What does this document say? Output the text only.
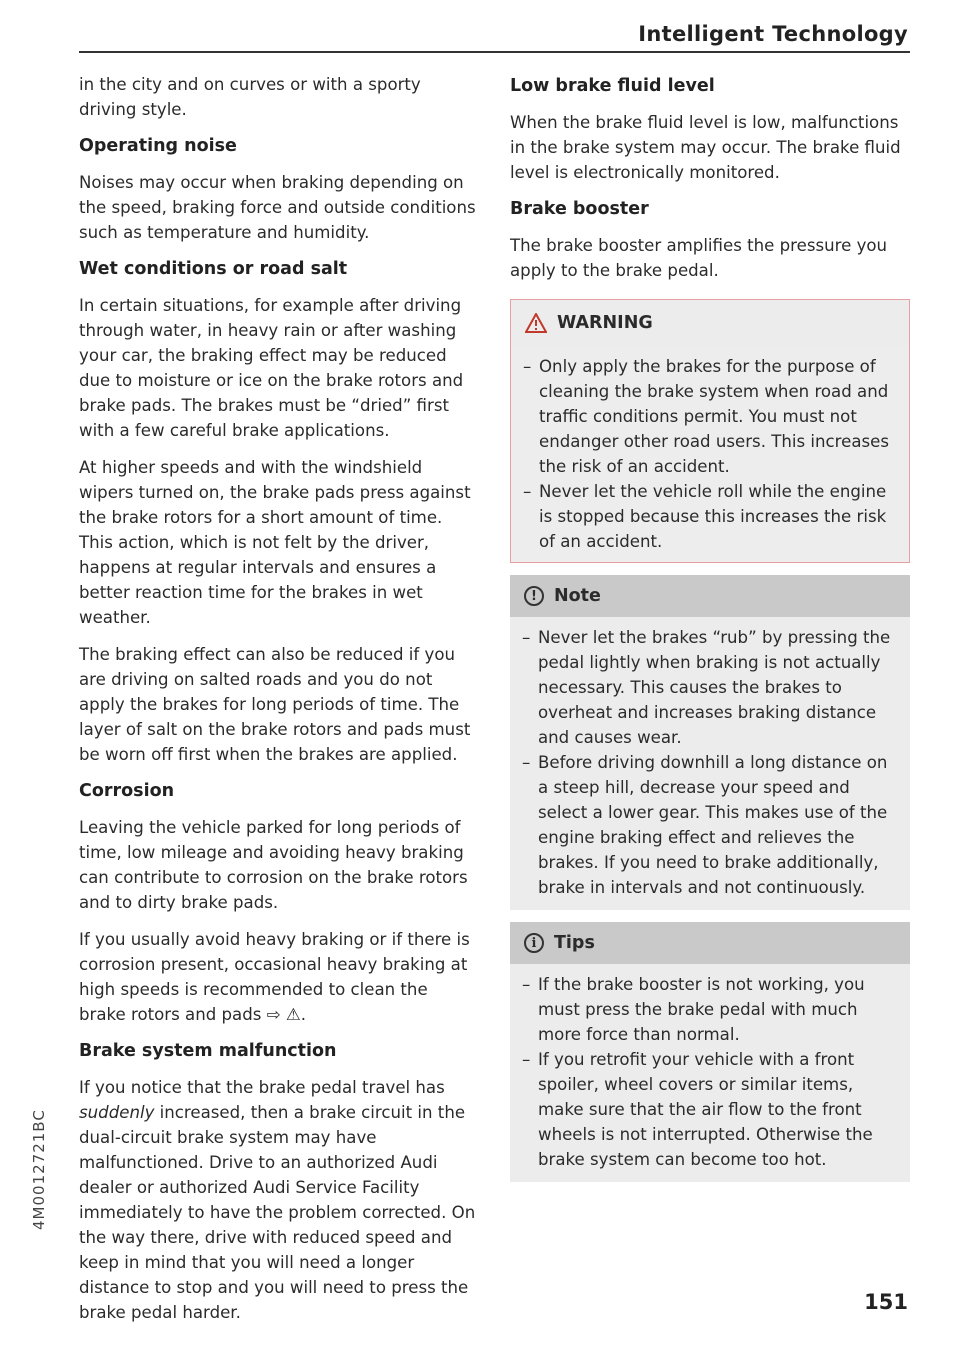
Intelligent Technology

in the city and on curves or with a sporty driving style.

Operating noise

Noises may occur when braking depending on the speed, braking force and outside conditions such as temperature and humidity.

Wet conditions or road salt

In certain situations, for example after driving through water, in heavy rain or after washing your car, the braking effect may be reduced due to moisture or ice on the brake rotors and brake pads. The brakes must be “dried” first with a few careful brake applications.

At higher speeds and with the windshield wipers turned on, the brake pads press against the brake rotors for a short amount of time. This action, which is not felt by the driver, happens at regular intervals and ensures a better reaction time for the brakes in wet weather.

The braking effect can also be reduced if you are driving on salted roads and you do not apply the brakes for long periods of time. The layer of salt on the brake rotors and pads must be worn off first when the brakes are applied.

Corrosion

Leaving the vehicle parked for long periods of time, low mileage and avoiding heavy braking can contribute to corrosion on the brake rotors and to dirty brake pads.

If you usually avoid heavy braking or if there is corrosion present, occasional heavy braking at high speeds is recommended to clean the brake rotors and pads ⇨ ⚠.

Brake system malfunction

If you notice that the brake pedal travel has suddenly increased, then a brake circuit in the dual-circuit brake system may have malfunctioned. Drive to an authorized Audi dealer or authorized Audi Service Facility immediately to have the problem corrected. On the way there, drive with reduced speed and keep in mind that you will need a longer distance to stop and you will need to press the brake pedal harder.

Low brake fluid level

When the brake fluid level is low, malfunctions in the brake system may occur. The brake fluid level is electronically monitored.

Brake booster

The brake booster amplifies the pressure you apply to the brake pedal.

WARNING
– Only apply the brakes for the purpose of cleaning the brake system when road and traffic conditions permit. You must not endanger other road users. This increases the risk of an accident.
– Never let the vehicle roll while the engine is stopped because this increases the risk of an accident.
! Note
– Never let the brakes “rub” by pressing the pedal lightly when braking is not actually necessary. This causes the brakes to overheat and increases braking distance and causes wear.
– Before driving downhill a long distance on a steep hill, decrease your speed and select a lower gear. This makes use of the engine braking effect and relieves the brakes. If you need to brake additionally, brake in intervals and not continuously.
i	Tips
– If the brake booster is not working, you must press the brake pedal with much more force than normal.
– If you retrofit your vehicle with a front spoiler, wheel covers or similar items, make sure that the air flow to the front wheels is not interrupted. Otherwise the brake system can become too hot.
4M0012721BC
151
